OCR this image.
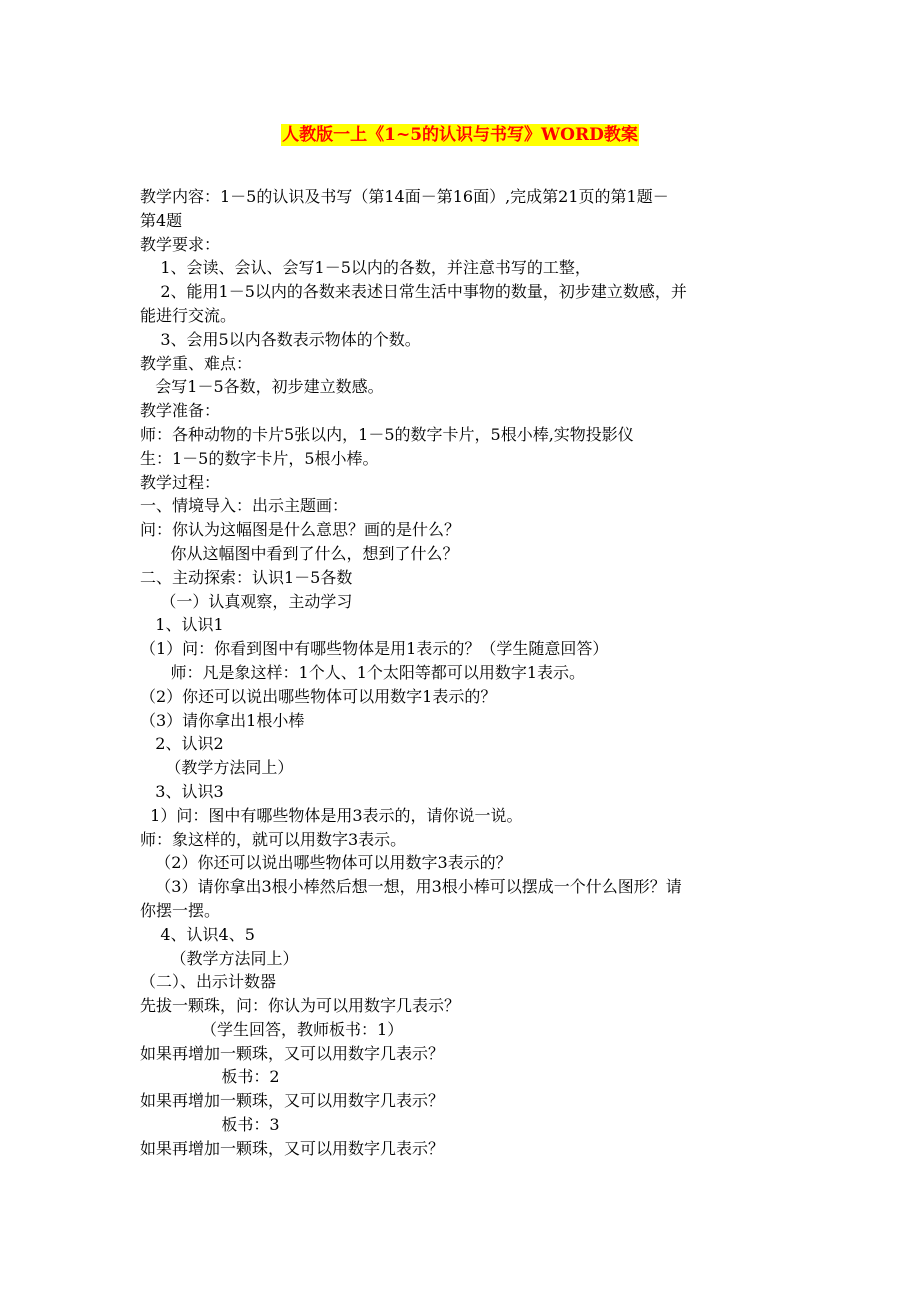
人教版一上《1~5的认识与书写》WORD教案
教学内容：1－5的认识及书写（第14面－第16面）,完成第21页的第1题－
第4题
教学要求：
1、会读、会认、会写1－5以内的各数，并注意书写的工整，
2、能用1－5以内的各数来表述日常生活中事物的数量，初步建立数感，并
能进行交流。
3、会用5以内各数表示物体的个数。
教学重、难点：
会写1－5各数，初步建立数感。
教学准备：
师：各种动物的卡片5张以内，1－5的数字卡片，5根小棒,实物投影仪
生：1－5的数字卡片，5根小棒。
教学过程：
一、情境导入：出示主题画：
问：你认为这幅图是什么意思？画的是什么？
你从这幅图中看到了什么，想到了什么？
二、主动探索：认识1－5各数
（一）认真观察，主动学习
1、认识1
（1）问：你看到图中有哪些物体是用1表示的？（学生随意回答）
师：凡是象这样：1个人、1个太阳等都可以用数字1表示。
（2）你还可以说出哪些物体可以用数字1表示的？
（3）请你拿出1根小棒
2、认识2
（教学方法同上）
3、认识3
1）问：图中有哪些物体是用3表示的，请你说一说。
师：象这样的，就可以用数字3表示。
（2）你还可以说出哪些物体可以用数字3表示的？
（3）请你拿出3根小棒然后想一想，用3根小棒可以摆成一个什么图形？请
你摆一摆。
4、认识4、5
（教学方法同上）
（二）、出示计数器
先拔一颗珠，问：你认为可以用数字几表示？
（学生回答，教师板书：1）
如果再增加一颗珠，又可以用数字几表示？
板书：2
如果再增加一颗珠，又可以用数字几表示？
板书：3
如果再增加一颗珠，又可以用数字几表示？
